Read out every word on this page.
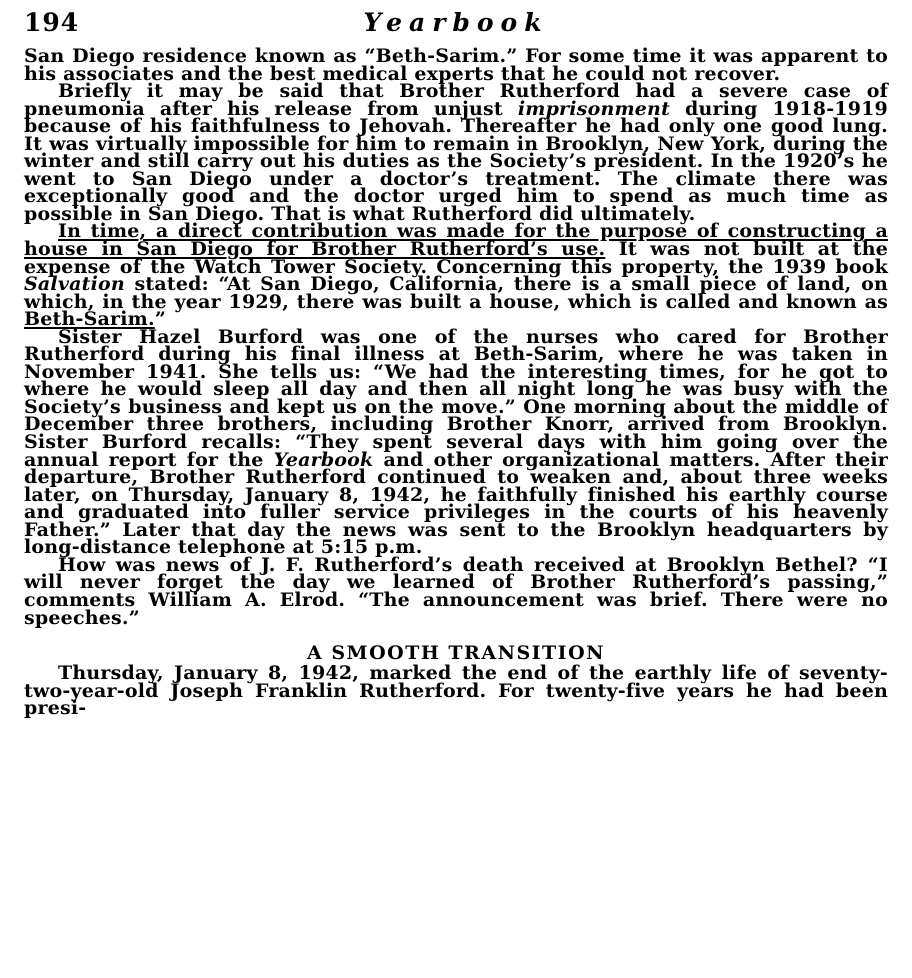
194	Yearbook

San Diego residence known as “Beth-Sarim.” For some time it was apparent to his associates and the best medical experts that he could not recover.

Briefly it may be said that Brother Rutherford had a severe case of pneumonia after his release from unjust imprisonment during 1918-1919 because of his faithfulness to Jehovah. Thereafter he had only one good lung. It was virtually impossible for him to remain in Brooklyn, New York, during the winter and still carry out his duties as the Society’s president. In the 1920’s he went to San Diego under a doctor’s treatment. The climate there was exceptionally good and the doctor urged him to spend as much time as possible in San Diego. That is what Rutherford did ultimately.

In time, a direct contribution was made for the purpose of constructing a house in San Diego for Brother Rutherford’s use. It was not built at the expense of the Watch Tower Society. Concerning this property, the 1939 book Salvation stated: “At San Diego, California, there is a small piece of land, on which, in the year 1929, there was built a house, which is called and known as Beth-Sarim.”

Sister Hazel Burford was one of the nurses who cared for Brother Rutherford during his final illness at Beth-Sarim, where he was taken in November 1941. She tells us: “We had the interesting times, for he got to where he would sleep all day and then all night long he was busy with the Society’s business and kept us on the move.” One morning about the middle of December three brothers, including Brother Knorr, arrived from Brooklyn. Sister Burford recalls: “They spent several days with him going over the annual report for the Yearbook and other organizational matters. After their departure, Brother Rutherford continued to weaken and, about three weeks later, on Thursday, January 8, 1942, he faithfully finished his earthly course and graduated into fuller service privileges in the courts of his heavenly Father.” Later that day the news was sent to the Brooklyn headquarters by long-distance telephone at 5:15 p.m.

How was news of J. F. Rutherford’s death received at Brooklyn Bethel? “I will never forget the day we learned of Brother Rutherford’s passing,” comments William A. Elrod. “The announcement was brief. There were no speeches.”

A SMOOTH TRANSITION

Thursday, January 8, 1942, marked the end of the earthly life of seventy-two-year-old Joseph Franklin Rutherford. For twenty-five years he had been presi-
